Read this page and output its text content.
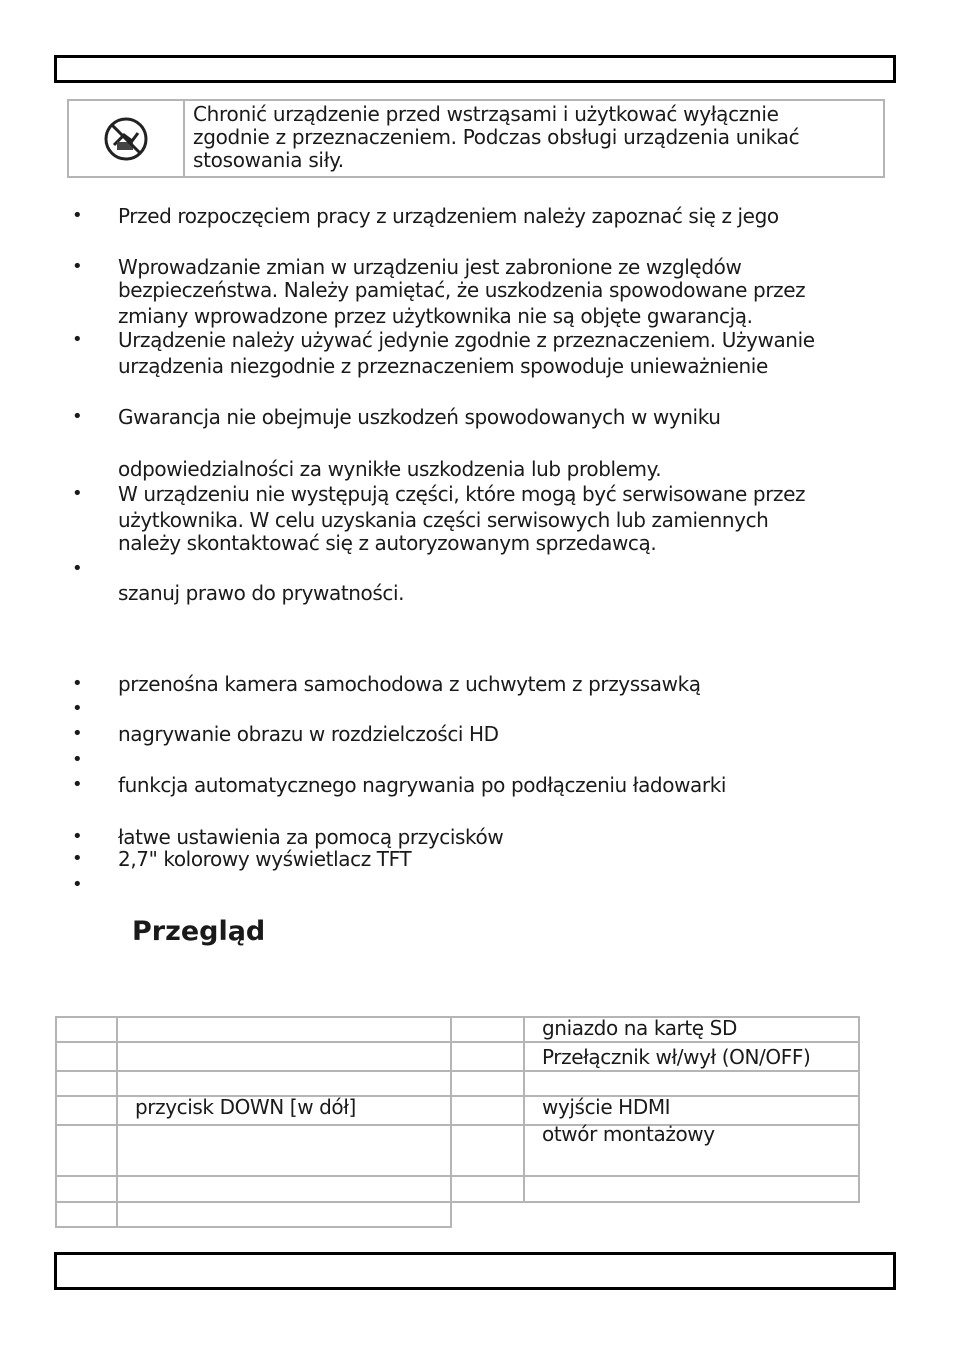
Chronić urządzenie przed wstrząsami i użytkować wyłącznie
zgodnie z przeznaczeniem. Podczas obsługi urządzenia unikać
stosowania siły.
• Przed rozpoczęciem pracy z urządzeniem należy zapoznać się z jego
• Wprowadzanie zmian w urządzeniu jest zabronione ze względów
bezpieczeństwa. Należy pamiętać, że uszkodzenia spowodowane przez
zmiany wprowadzone przez użytkownika nie są objęte gwarancją.
• Urządzenie należy używać jedynie zgodnie z przeznaczeniem. Używanie
urządzenia niezgodnie z przeznaczeniem spowoduje unieważnienie
• Gwarancja nie obejmuje uszkodzeń spowodowanych w wyniku
odpowiedzialności za wynikłe uszkodzenia lub problemy.
• W urządzeniu nie występują części, które mogą być serwisowane przez
użytkownika. W celu uzyskania części serwisowych lub zamiennych
należy skontaktować się z autoryzowanym sprzedawcą.
•
szanuj prawo do prywatności.
• przenośna kamera samochodowa z uchwytem z przyssawką
•
• nagrywanie obrazu w rozdzielczości HD
•
• funkcja automatycznego nagrywania po podłączeniu ładowarki
• łatwe ustawienia za pomocą przycisków
• 2,7" kolorowy wyświetlacz TFT
•
Przegląd
gniazdo na kartę SD
Przełącznik wł/wył (ON/OFF)
przycisk DOWN [w dół]	wyjście HDMI
otwór montażowy
